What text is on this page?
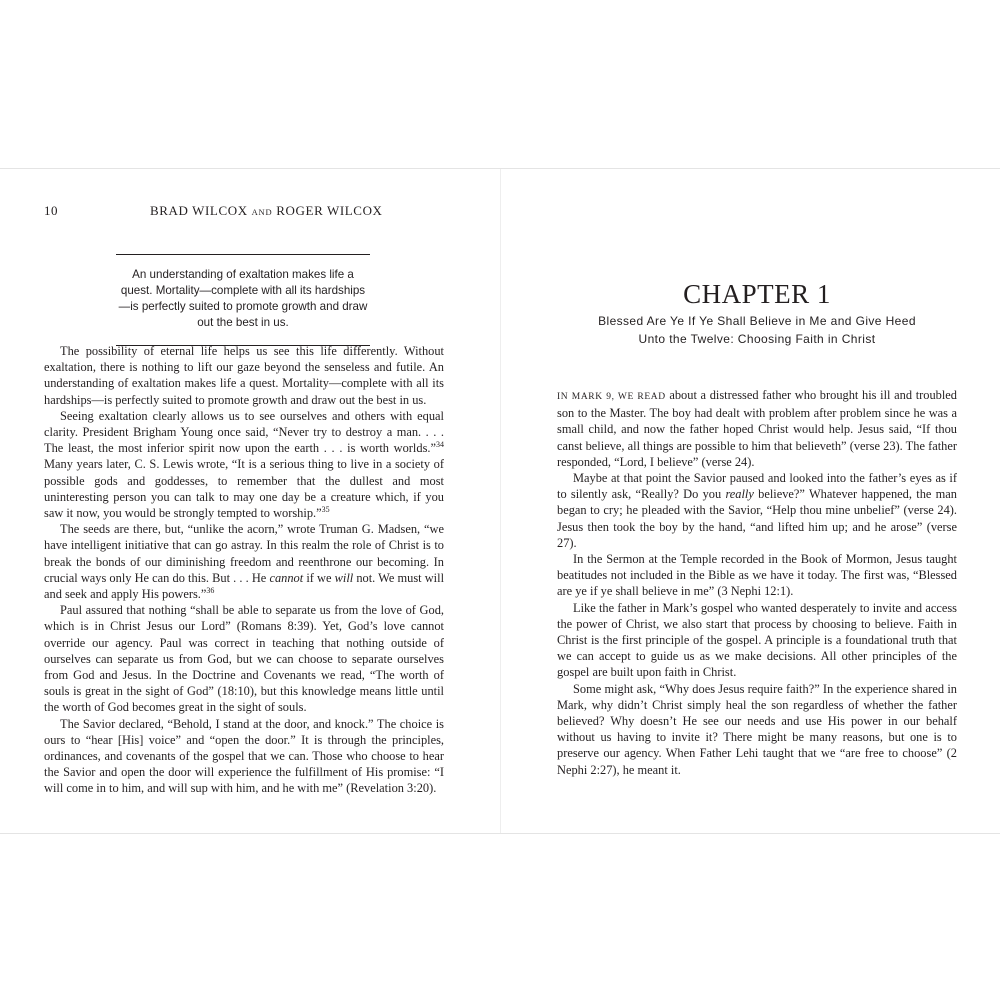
10	BRAD WILCOX AND ROGER WILCOX

An understanding of exaltation makes life a quest. Mortality—complete with all its hardships—is perfectly suited to promote growth and draw out the best in us.

The possibility of eternal life helps us see this life differently. Without exaltation, there is nothing to lift our gaze beyond the senseless and futile. An understanding of exaltation makes life a quest. Mortality—complete with all its hardships—is perfectly suited to promote growth and draw out the best in us.

Seeing exaltation clearly allows us to see ourselves and others with equal clarity. President Brigham Young once said, “Never try to destroy a man. . . . The least, the most inferior spirit now upon the earth . . . is worth worlds.”$^{34}$ Many years later, C. S. Lewis wrote, “It is a serious thing to live in a society of possible gods and goddesses, to remember that the dullest and most uninteresting person you can talk to may one day be a creature which, if you saw it now, you would be strongly tempted to worship.”$^{35}$

The seeds are there, but, “unlike the acorn,” wrote Truman G. Madsen, “we have intelligent initiative that can go astray. In this realm the role of Christ is to break the bonds of our diminishing freedom and reenthrone our becoming. In crucial ways only He can do this. But . . . He cannot if we will not. We must will and seek and apply His powers.”$^{36}$

Paul assured that nothing “shall be able to separate us from the love of God, which is in Christ Jesus our Lord” (Romans 8:39). Yet, God’s love cannot override our agency. Paul was correct in teaching that nothing outside of ourselves can separate us from God, but we can choose to separate ourselves from God and Jesus. In the Doctrine and Covenants we read, “The worth of souls is great in the sight of God” (18:10), but this knowledge means little until the worth of God becomes great in the sight of souls.

The Savior declared, “Behold, I stand at the door, and knock.” The choice is ours to “hear [His] voice” and “open the door.” It is through the principles, ordinances, and covenants of the gospel that we can. Those who choose to hear the Savior and open the door will experience the fulfillment of His promise: “I will come in to him, and will sup with him, and he with me” (Revelation 3:20).

CHAPTER 1
Blessed Are Ye If Ye Shall Believe in Me and Give Heed
Unto the Twelve: Choosing Faith in Christ

IN MARK 9, WE READ about a distressed father who brought his ill and troubled son to the Master. The boy had dealt with problem after problem since he was a small child, and now the father hoped Christ would help. Jesus said, “If thou canst believe, all things are possible to him that believeth” (verse 23). The father responded, “Lord, I believe” (verse 24).

Maybe at that point the Savior paused and looked into the father’s eyes as if to silently ask, “Really? Do you really believe?” Whatever happened, the man began to cry; he pleaded with the Savior, “Help thou mine unbelief” (verse 24). Jesus then took the boy by the hand, “and lifted him up; and he arose” (verse 27).

In the Sermon at the Temple recorded in the Book of Mormon, Jesus taught beatitudes not included in the Bible as we have it today. The first was, “Blessed are ye if ye shall believe in me” (3 Nephi 12:1).

Like the father in Mark’s gospel who wanted desperately to invite and access the power of Christ, we also start that process by choosing to believe. Faith in Christ is the first principle of the gospel. A principle is a foundational truth that we can accept to guide us as we make decisions. All other principles of the gospel are built upon faith in Christ.

Some might ask, “Why does Jesus require faith?” In the experience shared in Mark, why didn’t Christ simply heal the son regardless of whether the father believed? Why doesn’t He see our needs and use His power in our behalf without us having to invite it? There might be many reasons, but one is to preserve our agency. When Father Lehi taught that we “are free to choose” (2 Nephi 2:27), he meant it.
